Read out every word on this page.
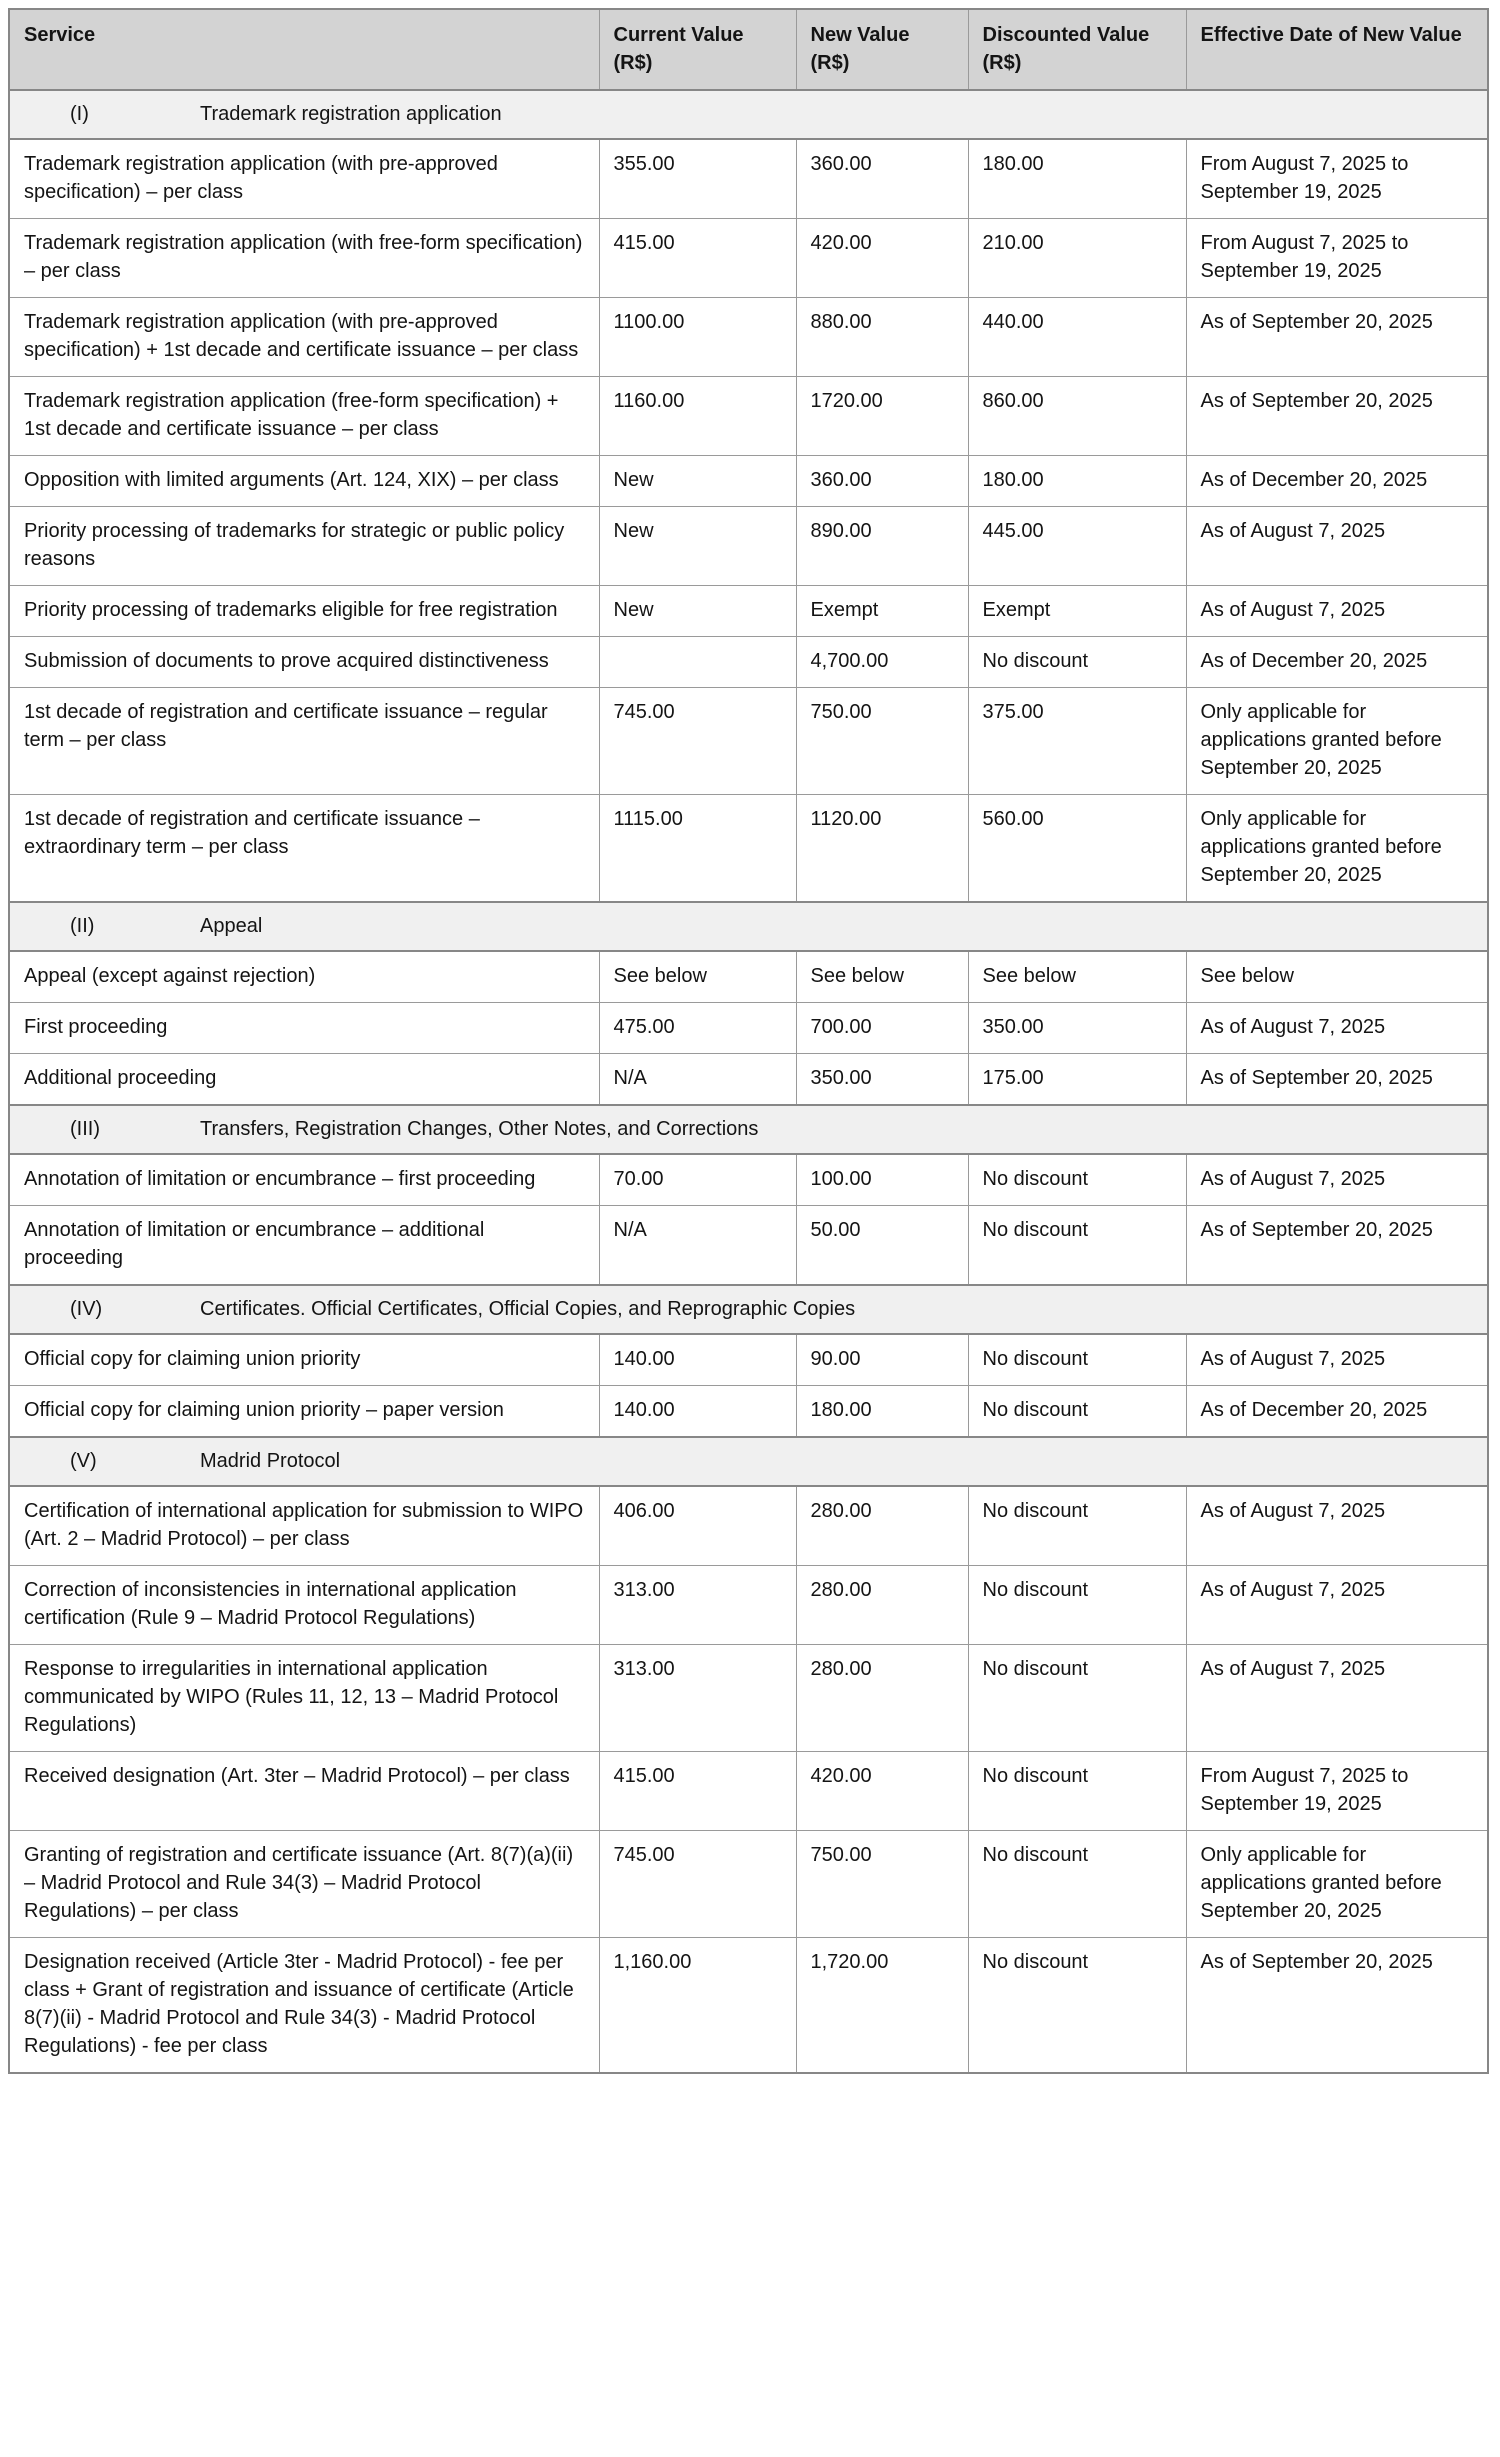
Service	Current Value (R$)	New Value (R$)	Discounted Value (R$)	Effective Date of New Value
(I) Trademark registration application				
Trademark registration application (with pre-approved specification) – per class	355.00	360.00	180.00	From August 7, 2025 to September 19, 2025
Trademark registration application (with free-form specification) – per class	415.00	420.00	210.00	From August 7, 2025 to September 19, 2025
Trademark registration application (with pre-approved specification) + 1st decade and certificate issuance – per class	1100.00	880.00	440.00	As of September 20, 2025
Trademark registration application (free-form specification) + 1st decade and certificate issuance – per class	1160.00	1720.00	860.00	As of September 20, 2025
Opposition with limited arguments (Art. 124, XIX) – per class	New	360.00	180.00	As of December 20, 2025
Priority processing of trademarks for strategic or public policy reasons	New	890.00	445.00	As of August 7, 2025
Priority processing of trademarks eligible for free registration	New	Exempt	Exempt	As of August 7, 2025
Submission of documents to prove acquired distinctiveness		4,700.00	No discount	As of December 20, 2025
1st decade of registration and certificate issuance – regular term – per class	745.00	750.00	375.00	Only applicable for applications granted before September 20, 2025
1st decade of registration and certificate issuance – extraordinary term – per class	1115.00	1120.00	560.00	Only applicable for applications granted before September 20, 2025
(II) Appeal				
Appeal (except against rejection)	See below	See below	See below	See below
First proceeding	475.00	700.00	350.00	As of August 7, 2025
Additional proceeding	N/A	350.00	175.00	As of September 20, 2025
(III) Transfers, Registration Changes, Other Notes, and Corrections				
Annotation of limitation or encumbrance – first proceeding	70.00	100.00	No discount	As of August 7, 2025
Annotation of limitation or encumbrance – additional proceeding	N/A	50.00	No discount	As of September 20, 2025
(IV) Certificates. Official Certificates, Official Copies, and Reprographic Copies				
Official copy for claiming union priority	140.00	90.00	No discount	As of August 7, 2025
Official copy for claiming union priority – paper version	140.00	180.00	No discount	As of December 20, 2025
(V) Madrid Protocol				
Certification of international application for submission to WIPO (Art. 2 – Madrid Protocol) – per class	406.00	280.00	No discount	As of August 7, 2025
Correction of inconsistencies in international application certification (Rule 9 – Madrid Protocol Regulations)	313.00	280.00	No discount	As of August 7, 2025
Response to irregularities in international application communicated by WIPO (Rules 11, 12, 13 – Madrid Protocol Regulations)	313.00	280.00	No discount	As of August 7, 2025
Received designation (Art. 3ter – Madrid Protocol) – per class	415.00	420.00	No discount	From August 7, 2025 to September 19, 2025
Granting of registration and certificate issuance (Art. 8(7)(a)(ii) – Madrid Protocol and Rule 34(3) – Madrid Protocol Regulations) – per class	745.00	750.00	No discount	Only applicable for applications granted before September 20, 2025
Designation received (Article 3ter - Madrid Protocol) - fee per class + Grant of registration and issuance of certificate (Article 8(7)(ii) - Madrid Protocol and Rule 34(3) - Madrid Protocol Regulations) - fee per class	1,160.00	1,720.00	No discount	As of September 20, 2025
